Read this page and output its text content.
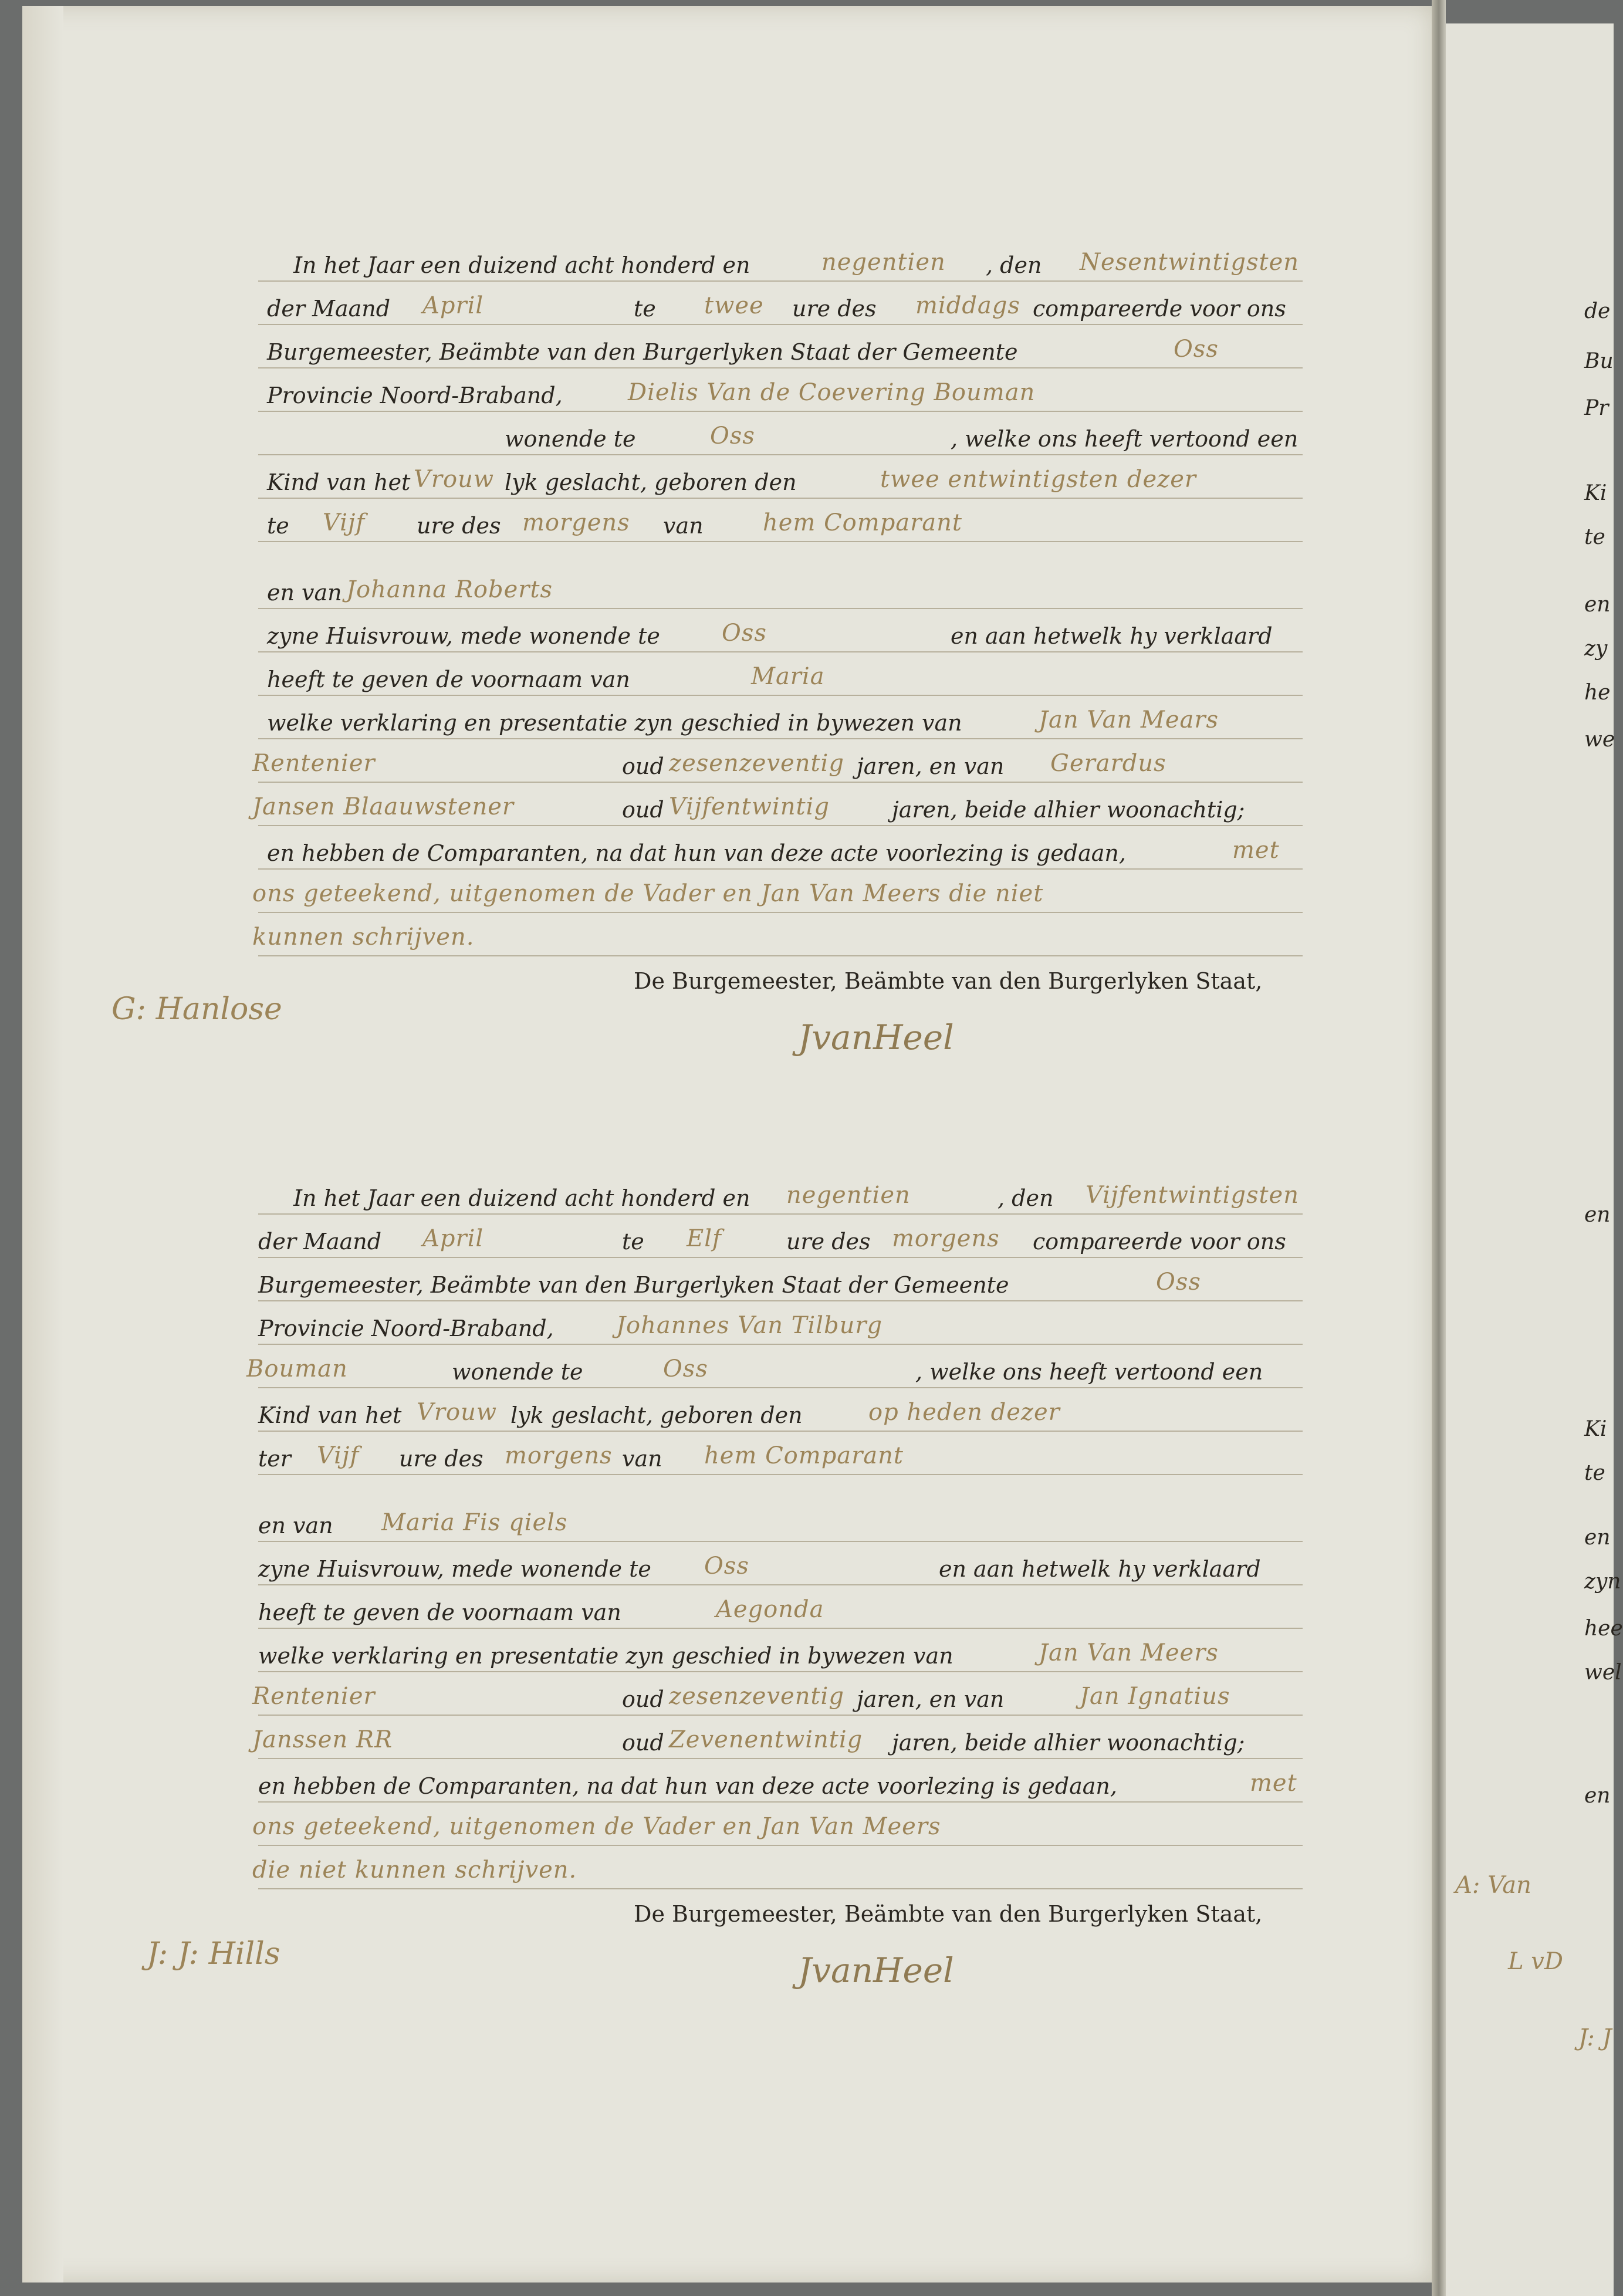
In het Jaar een duizend acht honderd en	negentien , den Nesentwintigsten
der Maand April	te twee ure des middags compareerde voor ons
Burgemeester, Beämbte van den Burgerlyken Staat der Gemeente	Oss
Provincie Noord-Braband,	Dielis Van de Coevering Bouman
wonende te	Oss	, welke ons heeft vertoond een
Kind van het Vrouw lyk geslacht, geboren den	twee entwintigsten dezer
te Vijf ure des morgens van	hem Comparant
en van Johanna Roberts
zyne Huisvrouw, mede wonende te	Oss	en aan hetwelk hy verklaard
heeft te geven de voornaam van	Maria
welke verklaring en presentatie zyn geschied in bywezen van	Jan Van Mears
Rentenier	oud zesenzeventig jaren, en van Gerardus
Jansen Blaauwstener	oud Vijfentwintig	jaren, beide alhier woonachtig;
en hebben de Comparanten, na dat hun van deze acte voorlezing is gedaan,	met
ons geteekend, uitgenomen de Vader en Jan Van Meers die niet
kunnen schrijven.
De Burgemeester, Beämbte van den Burgerlyken Staat,
JvanHeel
In het Jaar een duizend acht honderd en negentien	, den Vijfentwintigsten
der Maand April	te Elf	ure des morgens compareerde voor ons
Burgemeester, Beämbte van den Burgerlyken Staat der Gemeente	Oss
Provincie Noord-Braband,	Johannes Van Tilburg
Bouman	wonende te	Oss	, welke ons heeft vertoond een
Kind van het Vrouw lyk geslacht, geboren den	op heden dezer
ter Vijf ure des morgens van hem Comparant
en van Maria Fis qiels
zyne Huisvrouw, mede wonende te Oss	en aan hetwelk hy verklaard
heeft te geven de voornaam van	Aegonda
welke verklaring en presentatie zyn geschied in bywezen van	Jan Van Meers
Rentenier	oud zesenzeventig jaren, en van	Jan Ignatius
Janssen RR	oud Zevenentwintig jaren, beide alhier woonachtig;
en hebben de Comparanten, na dat hun van deze acte voorlezing is gedaan,	met
ons geteekend, uitgenomen de Vader en Jan Van Meers
die niet kunnen schrijven.
De Burgemeester, Beämbte van den Burgerlyken Staat,
JvanHeel
G: Hanlose
J: J: Hills
de
Bu
Pr
Ki
te
en
zy
he
we
en
Ki
te
en
zyn
hee
wel
en
A: Van
L vD
J: J
